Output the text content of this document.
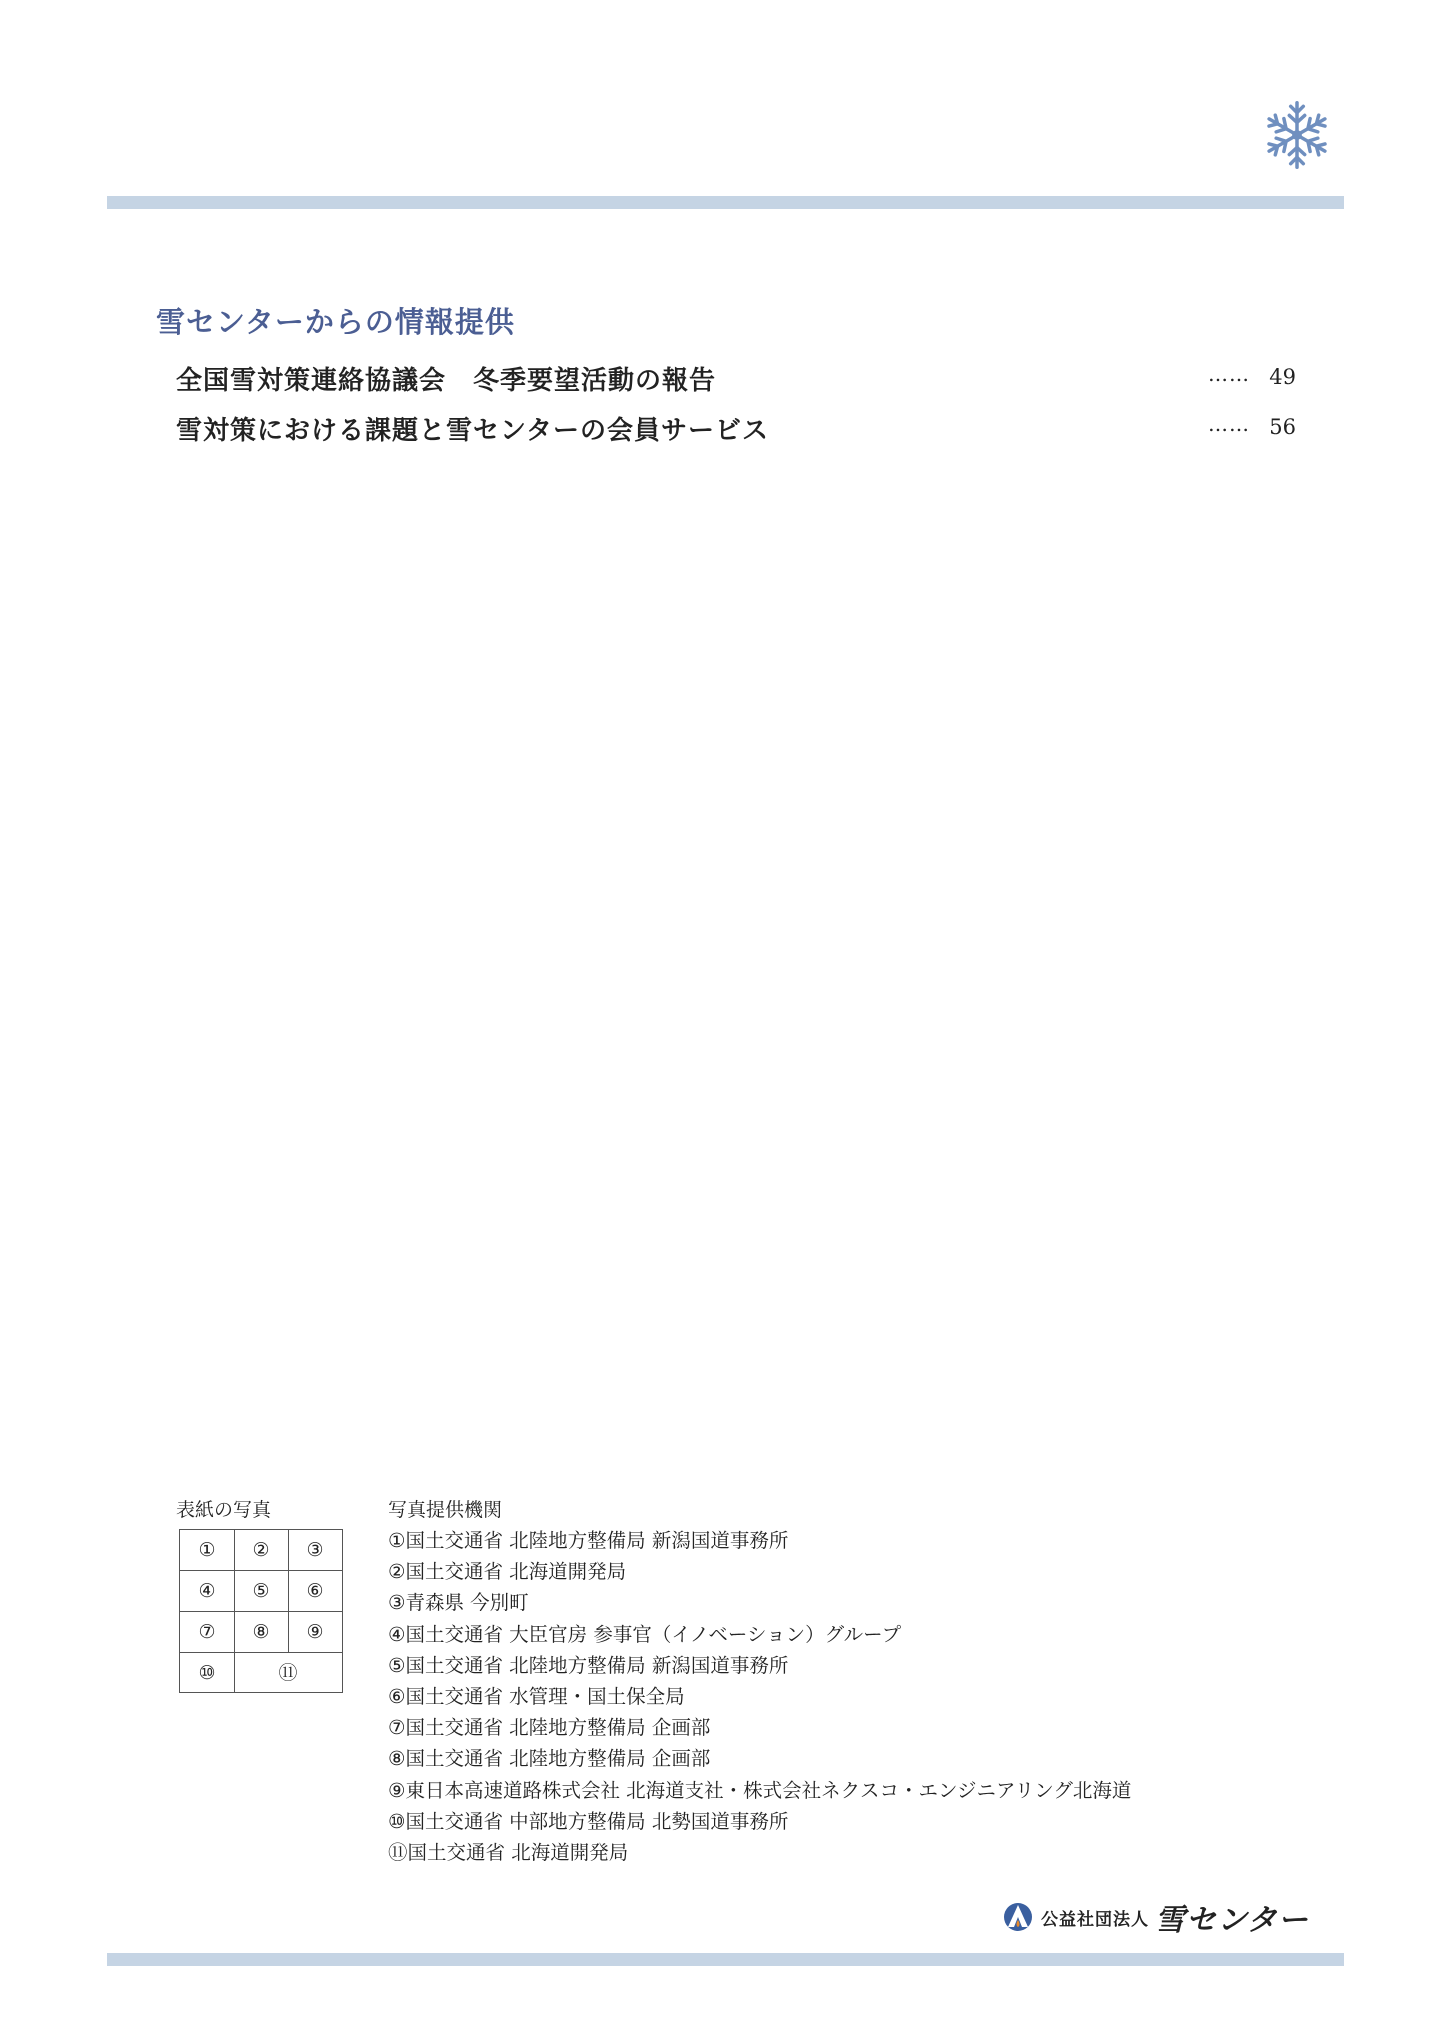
雪センターからの情報提供
全国雪対策連絡協議会　冬季要望活動の報告	…… 49
雪対策における課題と雪センターの会員サービス	…… 56
表紙の写真
①	②	③
④	⑤	⑥
⑦	⑧	⑨
⑩	⑪
写真提供機関
①国土交通省 北陸地方整備局 新潟国道事務所
②国土交通省 北海道開発局
③青森県 今別町
④国土交通省 大臣官房 参事官（イノベーション）グループ
⑤国土交通省 北陸地方整備局 新潟国道事務所
⑥国土交通省 水管理・国土保全局
⑦国土交通省 北陸地方整備局 企画部
⑧国土交通省 北陸地方整備局 企画部
⑨東日本高速道路株式会社 北海道支社・株式会社ネクスコ・エンジニアリング北海道
⑩国土交通省 中部地方整備局 北勢国道事務所
⑪国土交通省 北海道開発局
公益社団法人 雪センター
